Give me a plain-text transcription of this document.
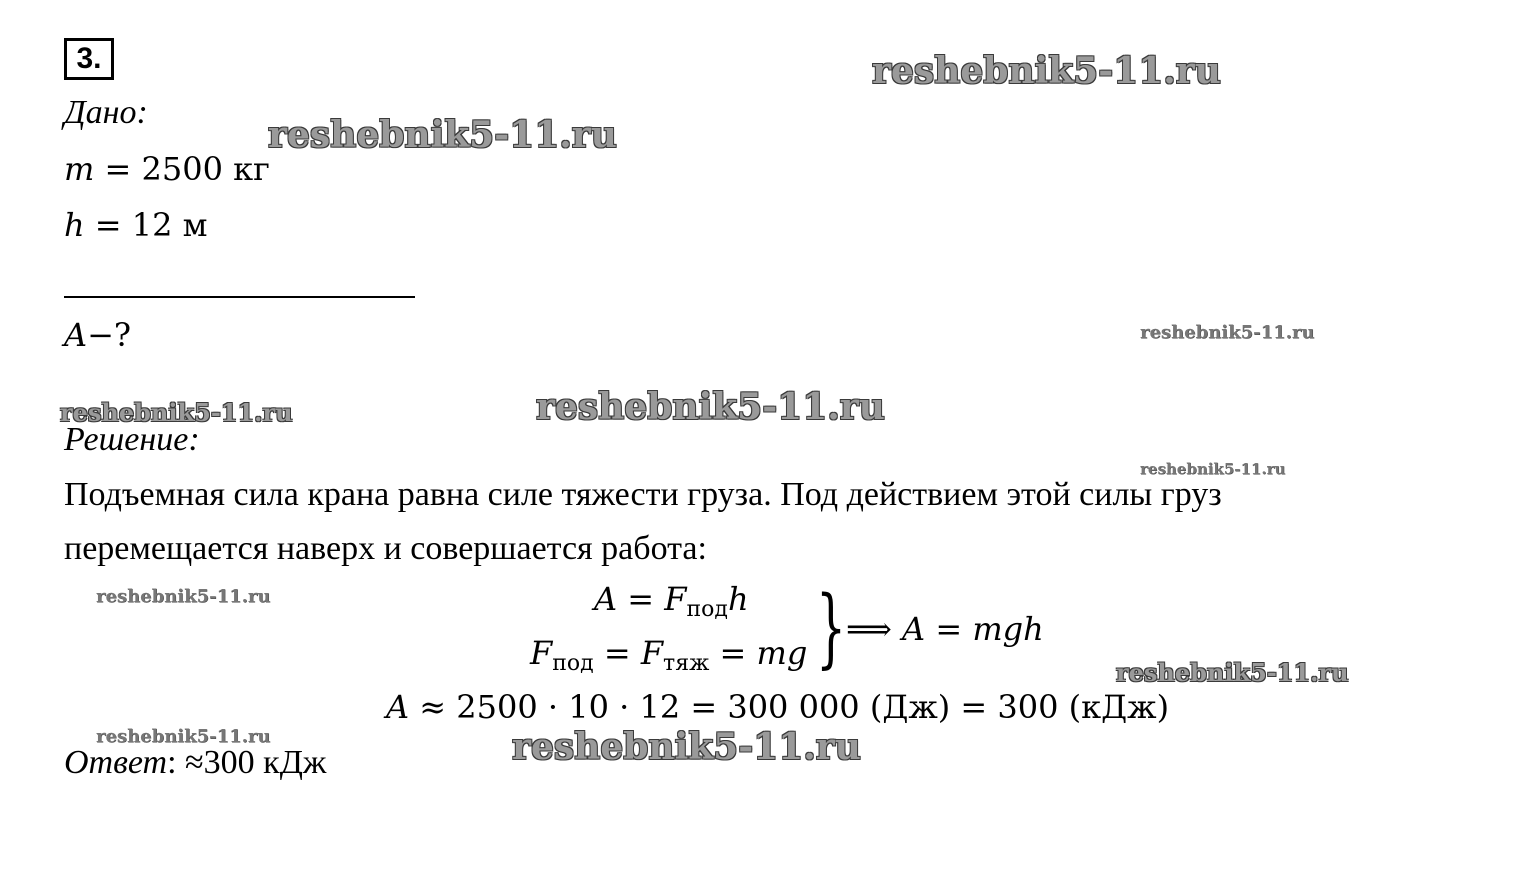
3.
Дано:
m = 2500 кг
h = 12 м
A−?
Решение:
Подъемная сила крана равна силе тяжести груза. Под действием этой силы груз
перемещается наверх и совершается работа:
$A = F_{под}h$
$F_{под} = F_{тяж}$ = mg } ⟹ A = mgh
A ≈ 2500 · 10 · 12 = 300 000 (Дж) = 300 (кДж)
Ответ: ≈300 кДж
reshebnik5-11.ru
reshebnik5-11.ru
reshebnik5-11.ru
reshebnik5-11.ru	reshebnik5-11.ru
reshebnik5-11.ru
reshebnik5-11.ru
reshebnik5-11.ru
reshebnik5-11.ru	reshebnik5-11.ru
